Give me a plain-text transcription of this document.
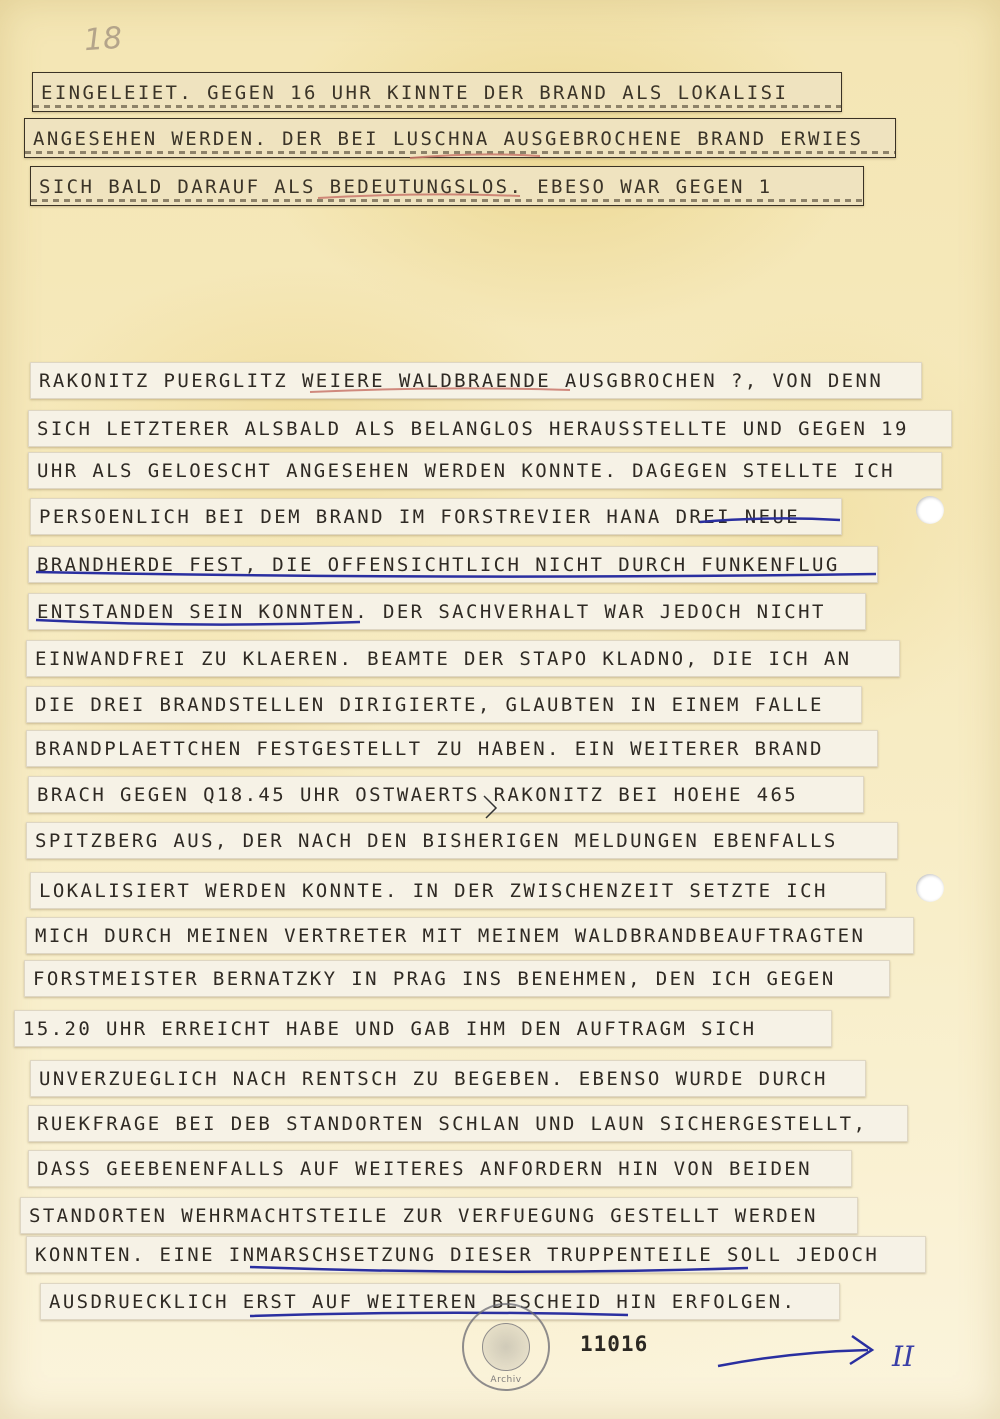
18
EINGELEIET. GEGEN 16 UHR KINNTE DER BRAND ALS LOKALISI
ANGESEHEN WERDEN. DER BEI LUSCHNA AUSGEBROCHENE BRAND ERWIES
SICH BALD DARAUF ALS BEDEUTUNGSLOS. EBESO WAR GEGEN 1
RAKONITZ PUERGLITZ WEIERE WALDBRAENDE AUSGBROCHEN ?, VON DENN
SICH LETZTERER ALSBALD ALS BELANGLOS HERAUSSTELLTE UND GEGEN 19
UHR ALS GELOESCHT ANGESEHEN WERDEN KONNTE. DAGEGEN STELLTE ICH
PERSOENLICH BEI DEM BRAND IM FORSTREVIER HANA DREI NEUE
BRANDHERDE FEST, DIE OFFENSICHTLICH NICHT DURCH FUNKENFLUG
ENTSTANDEN SEIN KONNTEN. DER SACHVERHALT WAR JEDOCH NICHT
EINWANDFREI ZU KLAEREN. BEAMTE DER STAPO KLADNO, DIE ICH AN
DIE DREI BRANDSTELLEN DIRIGIERTE, GLAUBTEN IN EINEM FALLE
BRANDPLAETTCHEN FESTGESTELLT ZU HABEN. EIN WEITERER BRAND
BRACH GEGEN Q18.45 UHR OSTWAERTS RAKONITZ BEI HOEHE 465
SPITZBERG AUS, DER NACH DEN BISHERIGEN MELDUNGEN EBENFALLS
LOKALISIERT WERDEN KONNTE. IN DER ZWISCHENZEIT SETZTE ICH
MICH DURCH MEINEN VERTRETER MIT MEINEM WALDBRANDBEAUFTRAGTEN
FORSTMEISTER BERNATZKY IN PRAG INS BENEHMEN, DEN ICH GEGEN
15.20 UHR ERREICHT HABE UND GAB IHM DEN AUFTRAGM SICH
UNVERZUEGLICH NACH RENTSCH ZU BEGEBEN. EBENSO WURDE DURCH
RUEKFRAGE BEI DEB STANDORTEN SCHLAN UND LAUN SICHERGESTELLT,
DASS GEEBENENFALLS AUF WEITERES ANFORDERN HIN VON BEIDEN
STANDORTEN WEHRMACHTSTEILE ZUR VERFUEGUNG GESTELLT WERDEN
KONNTEN. EINE INMARSCHSETZUNG DIESER TRUPPENTEILE SOLL JEDOCH
AUSDRUECKLICH ERST AUF WEITEREN BESCHEID HIN ERFOLGEN.
Archiv
11016	II
